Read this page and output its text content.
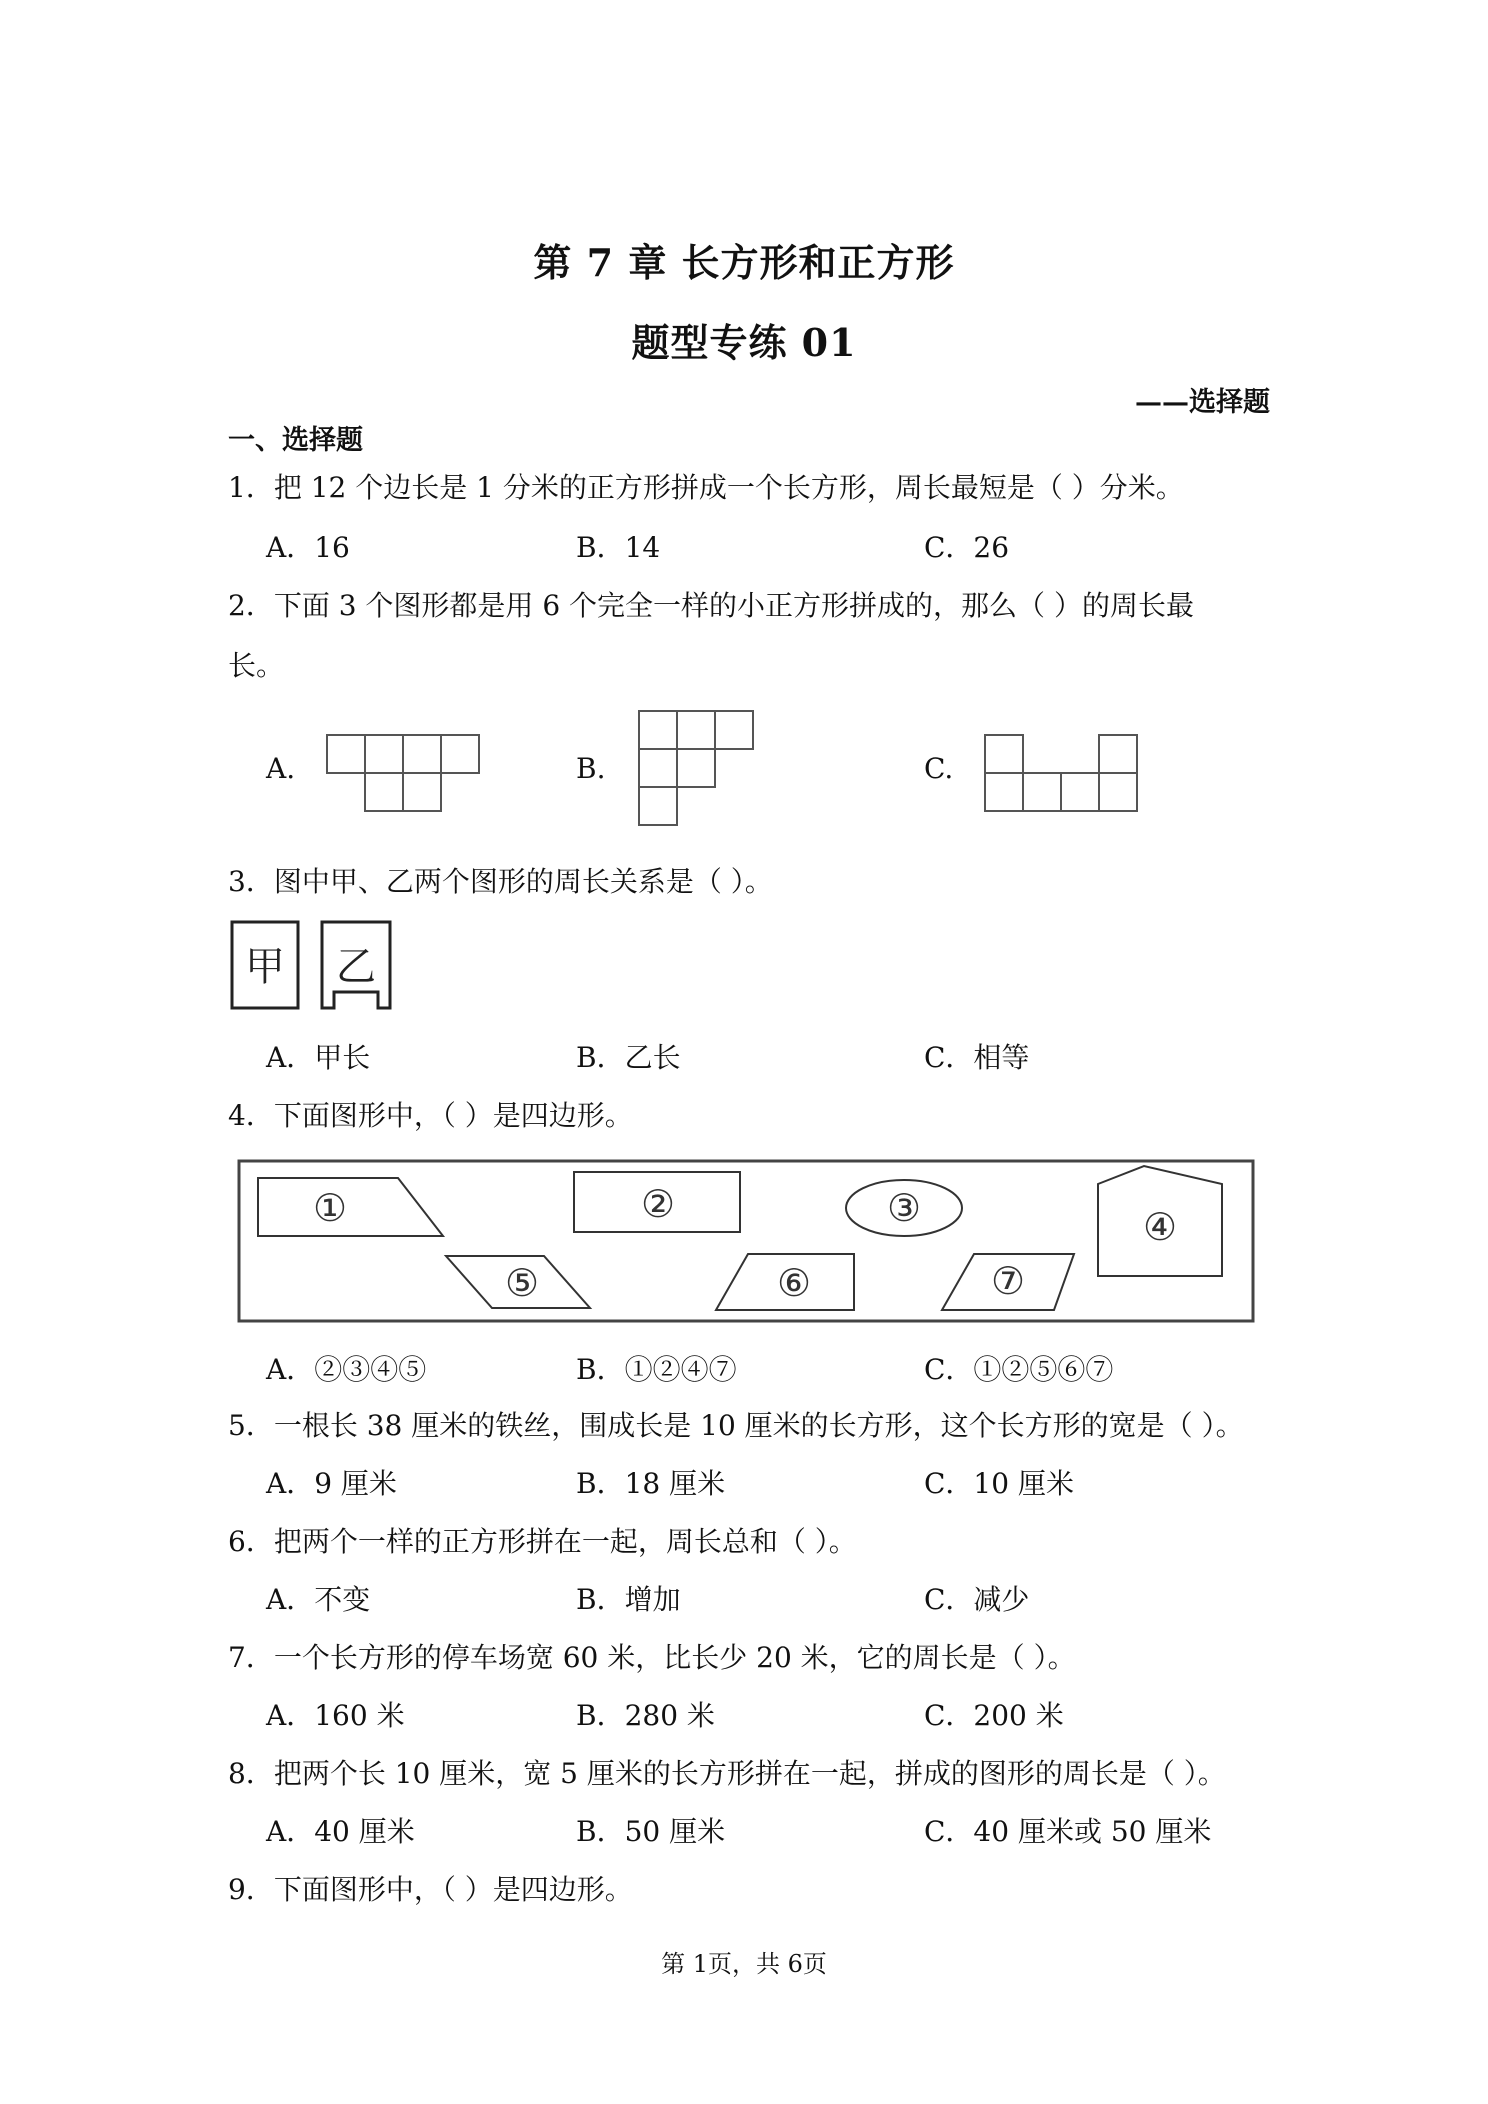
第 7 章 长方形和正方形
题型专练 01
——选择题
一、选择题
1．把 12 个边长是 1 分米的正方形拼成一个长方形，周长最短是（ ）分米。
A．16	B．14	C．26
2．下面 3 个图形都是用 6 个完全一样的小正方形拼成的，那么（ ）的周长最
长。
A.	B.	C.
3．图中甲、乙两个图形的周长关系是（ ）。
甲 乙
A．甲长	B．乙长	C．相等
4．下面图形中，（ ）是四边形。
①	②	③	④
⑤	⑥	⑦
A．②③④⑤	B．①②④⑦	C．①②⑤⑥⑦
5．一根长 38 厘米的铁丝，围成长是 10 厘米的长方形，这个长方形的宽是（ ）。
A．9 厘米	B．18 厘米	C．10 厘米
6．把两个一样的正方形拼在一起，周长总和（ ）。
A．不变	B．增加	C．减少
7．一个长方形的停车场宽 60 米，比长少 20 米，它的周长是（ ）。
A．160 米	B．280 米	C．200 米
8．把两个长 10 厘米，宽 5 厘米的长方形拼在一起，拼成的图形的周长是（ ）。
A．40 厘米	B．50 厘米	C．40 厘米或 50 厘米
9．下面图形中，（ ）是四边形。
第 1页，共 6页
